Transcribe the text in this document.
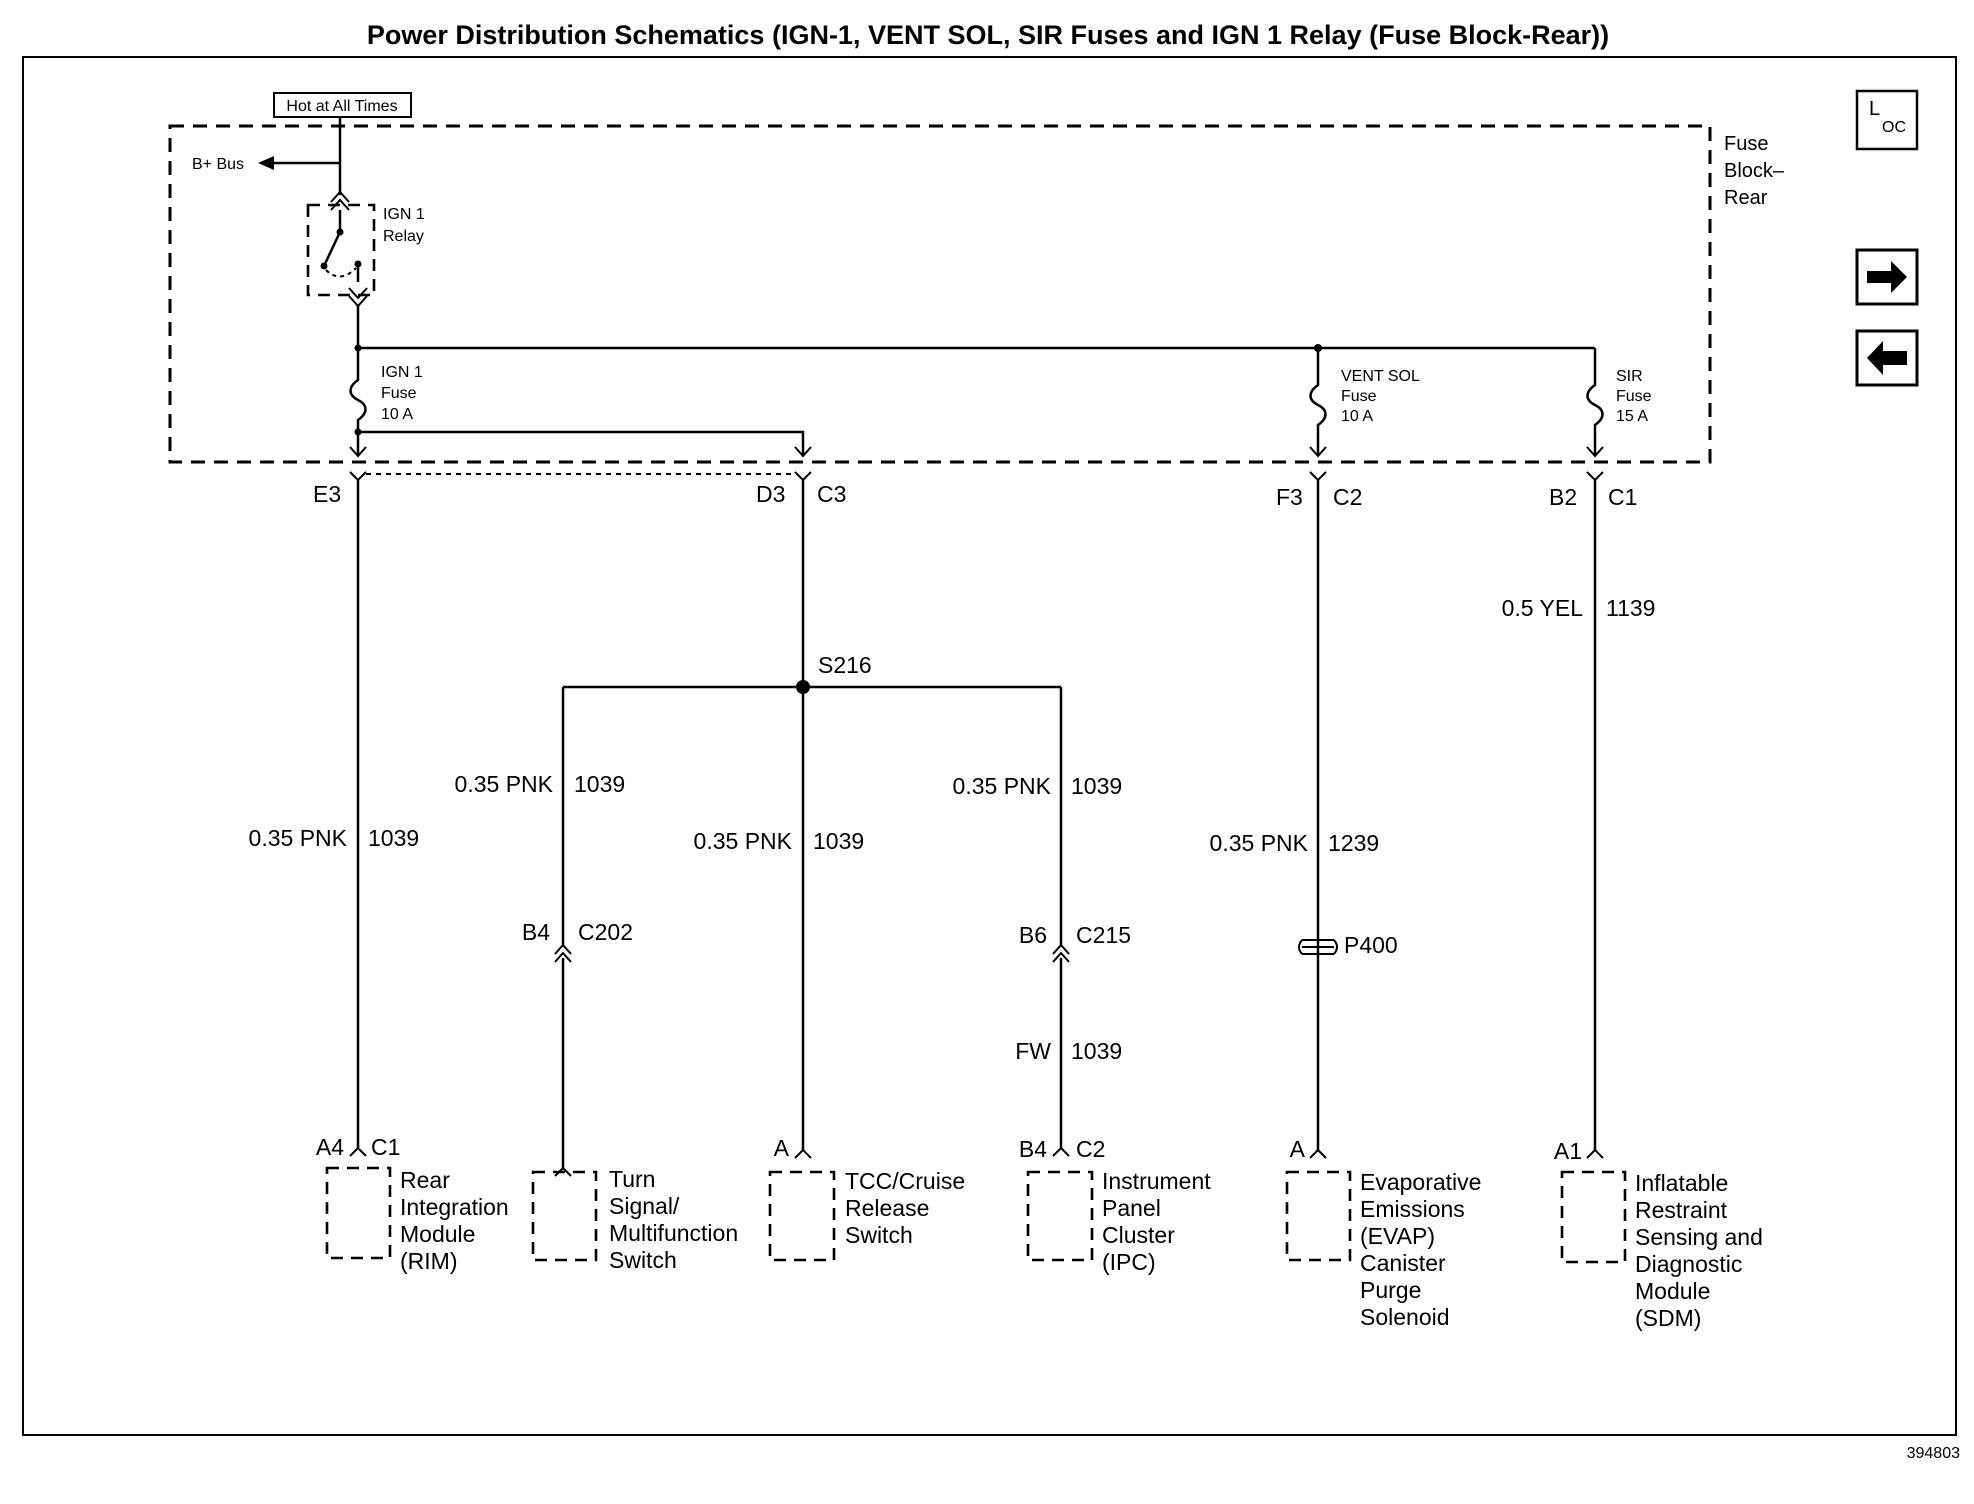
Power Distribution Schematics (IGN-1, VENT SOL, SIR Fuses and IGN 1 Relay (Fuse Block-Rear))
L
OC
Hot at All Times
Fuse
Block–
Rear
B+ Bus
IGN 1
Relay
IGN 1
Fuse
10 A
VENT SOL
Fuse
10 A
SIR
Fuse
15 A
E3	D3 C3	F3 C2	B2 C1
0.35 PNK 1039
S216
0.35 PNK 1039
0.35 PNK 1039
B4 C202
0.35 PNK 1039
B6 C215
FW 1039
0.35 PNK 1239
P400
0.5 YEL 1139
A4 C1	A	B4 C2	A	A1
Rear Integration Module (RIM)
Turn Signal/ Multifunction Switch
TCC/Cruise Release Switch
Instrument Panel Cluster (IPC)
Evaporative Emissions (EVAP) Canister Purge Solenoid
Inflatable Restraint Sensing and Diagnostic Module (SDM)
394803
